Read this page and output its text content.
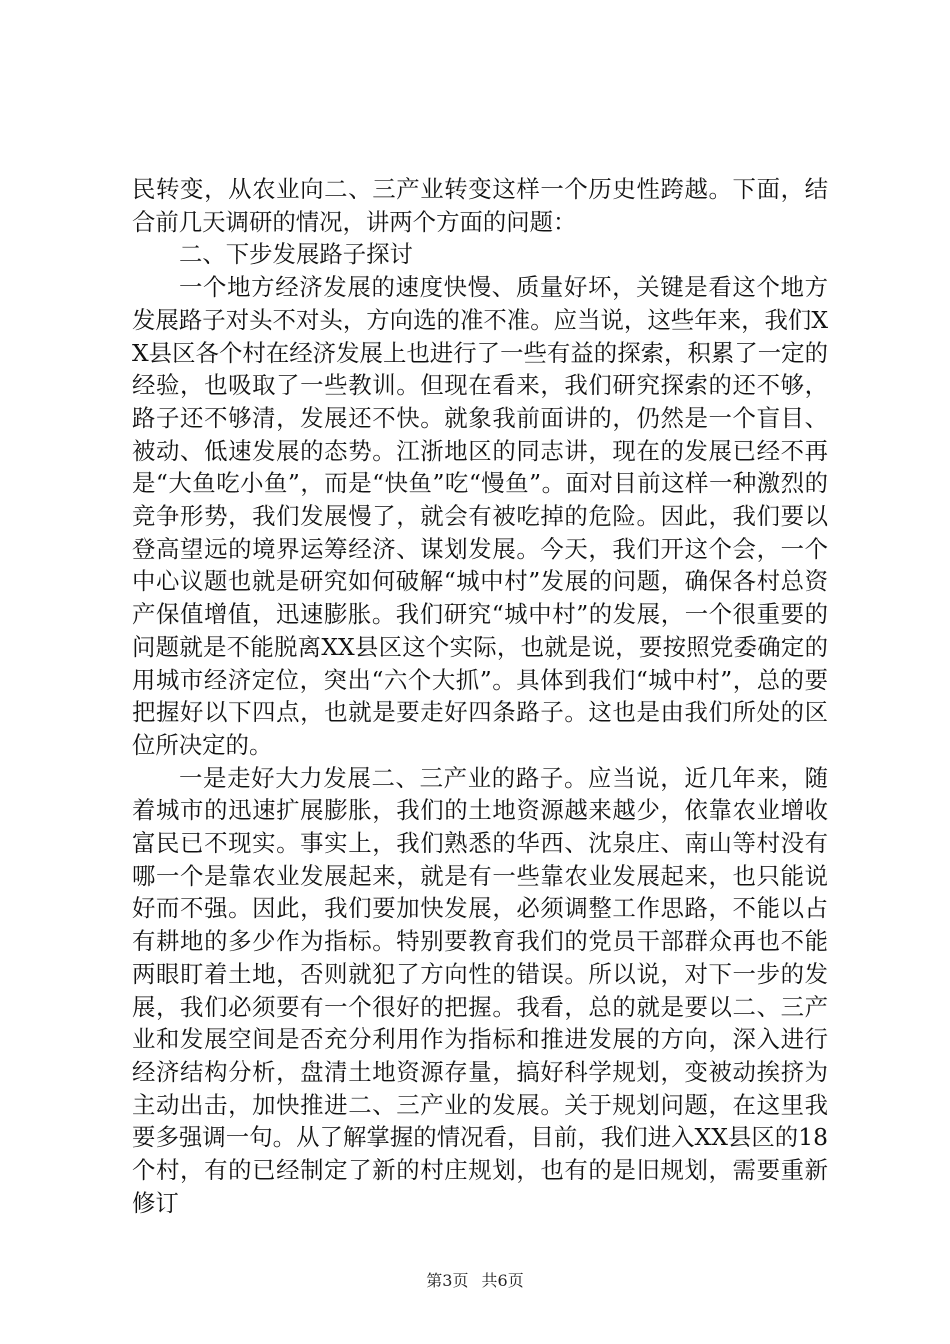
民转变，从农业向二、三产业转变这样一个历史性跨越。下面，结合前几天调研的情况，讲两个方面的问题：

二、下步发展路子探讨

一个地方经济发展的速度快慢、质量好坏，关键是看这个地方发展路子对头不对头，方向选的准不准。应当说，这些年来，我们XX县区各个村在经济发展上也进行了一些有益的探索，积累了一定的经验，也吸取了一些教训。但现在看来，我们研究探索的还不够，路子还不够清，发展还不快。就象我前面讲的，仍然是一个盲目、被动、低速发展的态势。江浙地区的同志讲，现在的发展已经不再是“大鱼吃小鱼”，而是“快鱼”吃“慢鱼”。面对目前这样一种激烈的竞争形势，我们发展慢了，就会有被吃掉的危险。因此，我们要以登高望远的境界运筹经济、谋划发展。今天，我们开这个会，一个中心议题也就是研究如何破解“城中村”发展的问题，确保各村总资产保值增值，迅速膨胀。我们研究“城中村”的发展，一个很重要的问题就是不能脱离XX县区这个实际，也就是说，要按照党委确定的用城市经济定位，突出“六个大抓”。具体到我们“城中村”，总的要把握好以下四点，也就是要走好四条路子。这也是由我们所处的区位所决定的。

一是走好大力发展二、三产业的路子。应当说，近几年来，随着城市的迅速扩展膨胀，我们的土地资源越来越少，依靠农业增收富民已不现实。事实上，我们熟悉的华西、沈泉庄、南山等村没有哪一个是靠农业发展起来，就是有一些靠农业发展起来，也只能说好而不强。因此，我们要加快发展，必须调整工作思路，不能以占有耕地的多少作为指标。特别要教育我们的党员干部群众再也不能两眼盯着土地，否则就犯了方向性的错误。所以说，对下一步的发展，我们必须要有一个很好的把握。我看，总的就是要以二、三产业和发展空间是否充分利用作为指标和推进发展的方向，深入进行经济结构分析，盘清土地资源存量，搞好科学规划，变被动挨挤为主动出击，加快推进二、三产业的发展。关于规划问题，在这里我要多强调一句。从了解掌握的情况看，目前，我们进入XX县区的18个村，有的已经制定了新的村庄规划，也有的是旧规划，需要重新修订

第3页 共6页
